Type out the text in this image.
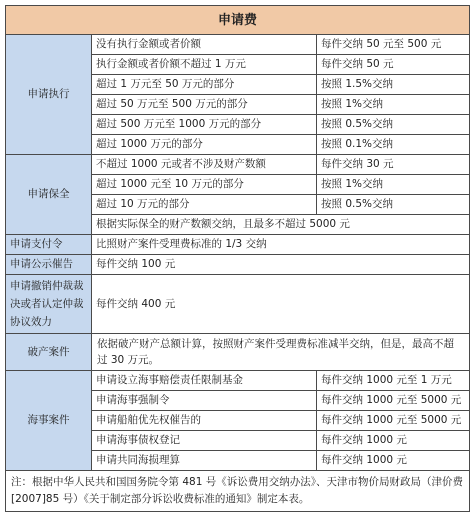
申请费		
申请执行	没有执行金额或者价额	每件交纳 50 元至 500 元
	执行金额或者价额不超过 1 万元	每件交纳 50 元
	超过 1 万元至 50 万元的部分	按照 1.5%交纳
	超过 50 万元至 500 万元的部分	按照 1%交纳
	超过 500 万元至 1000 万元的部分	按照 0.5%交纳
	超过 1000 万元的部分	按照 0.1%交纳
申请保全	不超过 1000 元或者不涉及财产数额	每件交纳 30 元
	超过 1000 元至 10 万元的部分	按照 1%交纳
	超过 10 万元的部分	按照 0.5%交纳
	根据实际保全的财产数额交纳，且最多不超过 5000 元	
申请支付令	比照财产案件受理费标准的 1/3 交纳	
申请公示催告	每件交纳 100 元	
申请撤销仲裁裁决或者认定仲裁协议效力	每件交纳 400 元	
破产案件	依据破产财产总额计算，按照财产案件受理费标准减半交纳，但是，最高不超过 30 万元。	
海事案件	申请设立海事赔偿责任限制基金	每件交纳 1000 元至 1 万元
	申请海事强制令	每件交纳 1000 元至 5000 元
	申请船舶优先权催告的	每件交纳 1000 元至 5000 元
	申请海事债权登记	每件交纳 1000 元
	申请共同海损理算	每件交纳 1000 元
注：根据中华人民共和国国务院令第 481 号《诉讼费用交纳办法》、天津市物价局财政局（津价费[2007]85 号）《关于制定部分诉讼收费标准的通知》制定本表。		
